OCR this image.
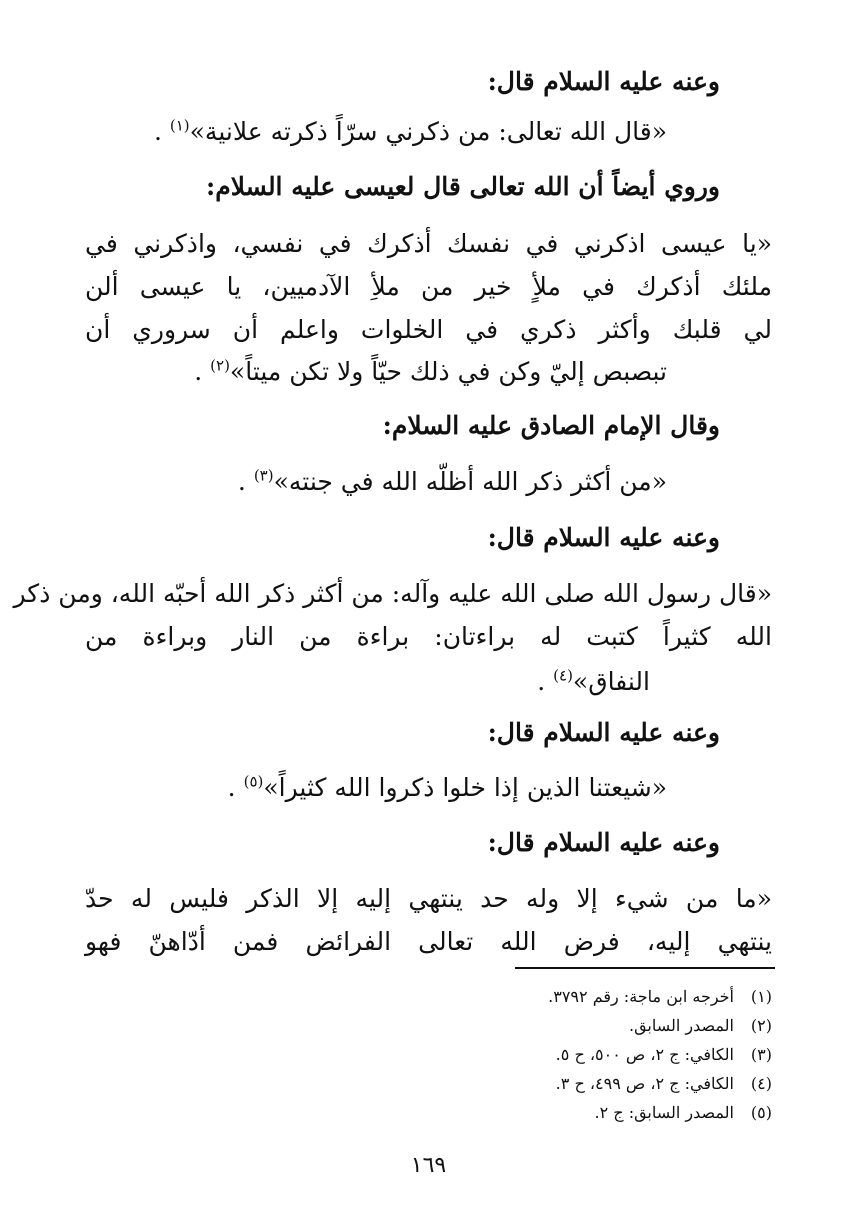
وعنه عليه السلام قال:
«قال الله تعالى: من ذكرني سرّاً ذكرته علانية»$^{(١)}$ .
وروي أيضاً أن الله تعالى قال لعيسى عليه السلام:
«يا عيسى اذكرني في نفسك أذكرك في نفسي، واذكرني في
ملئك أذكرك في ملأٍ خير من ملأِ الآدميين، يا عيسى ألن
لي قلبك وأكثر ذكري في الخلوات واعلم أن سروري أن
تبصبص إليّ وكن في ذلك حيّاً ولا تكن ميتاً»$^{(٢)}$ .
وقال الإمام الصادق عليه السلام:
«من أكثر ذكر الله أظلّه الله في جنته»$^{(٣)}$ .
وعنه عليه السلام قال:
«قال رسول الله صلى الله عليه وآله: من أكثر ذكر الله أحبّه الله، ومن ذكر
الله كثيراً كتبت له براءتان: براءة من النار وبراءة من
النفاق»$^{(٤)}$ .
وعنه عليه السلام قال:
«شيعتنا الذين إذا خلوا ذكروا الله كثيراً»$^{(٥)}$ .
وعنه عليه السلام قال:
«ما من شيء إلا وله حد ينتهي إليه إلا الذكر فليس له حدّ
ينتهي إليه، فرض الله تعالى الفرائض فمن أدّاهنّ فهو
(١)أخرجه ابن ماجة: رقم ٣٧٩٢.
(٢)المصدر السابق.
(٣)الكافي: ج ٢، ص ٥٠٠، ح ٥.
(٤)الكافي: ج ٢، ص ٤٩٩، ح ٣.
(٥)المصدر السابق: ج ٢.
١٦٩
